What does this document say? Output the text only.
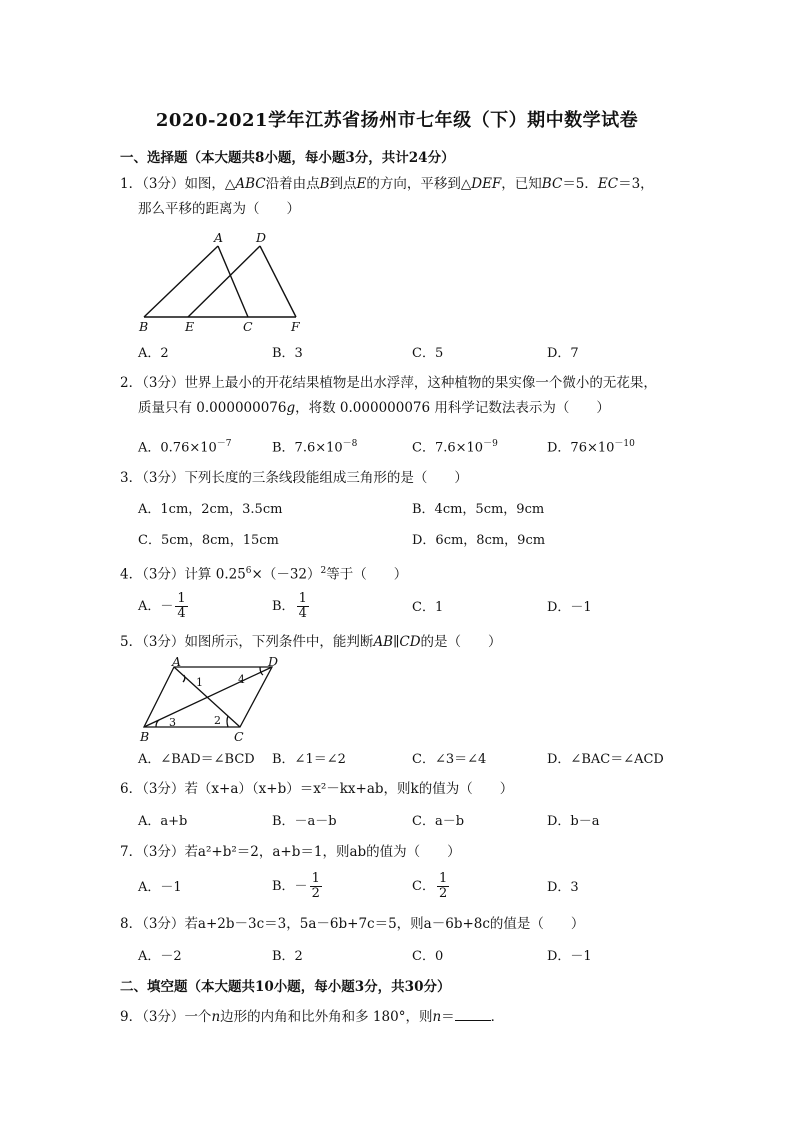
2020-2021学年江苏省扬州市七年级（下）期中数学试卷
一、选择题（本大题共8小题，每小题3分，共计24分）
1．（3分）如图，△ABC沿着由点B到点E的方向，平移到△DEF，已知BC＝5．EC＝3，
那么平移的距离为（　　）
A	D
B	E	C	F
A．2	B．3	C．5	D．7
2．（3分）世界上最小的开花结果植物是出水浮萍，这种植物的果实像一个微小的无花果，
质量只有 0.000000076g，将数 0.000000076 用科学记数法表示为（　　）
A．$0.76\times 10^{-7}$	B．$7.6\times 10^{-8}$	C．$7.6\times 10^{-9}$	D．$76\times 10^{-10}$
3．（3分）下列长度的三条线段能组成三角形的是（　　）
A．1cm，2cm，3.5cm	B．4cm，5cm，9cm
C．5cm，8cm，15cm	D．6cm，8cm，9cm
4．（3分）计算 $0.25^6\times(-32)^2$等于（　　）
A．－ $\frac{1}{4}$	B． $\frac{1}{4}$	C．1	D．－1
5．（3分）如图所示，下列条件中，能判断AB∥CD的是（　　）
A	D
B	C
1	4
2
3
A．∠BAD＝∠BCD B．∠1＝∠2	C．∠3＝∠4	D．∠BAC＝∠ACD
6．（3分）若（x+a）（x+b）＝x²－kx+ab，则k的值为（　　）
A．a+b	B．－a－b	C．a－b	D．b－a
7．（3分）若a²+b²＝2，a+b＝1，则ab的值为（　　）
A．－1	B．－ $\frac{1}{2}$	C． $\frac{1}{2}$	D．3
8．（3分）若a+2b－3c＝3，5a－6b+7c＝5，则a－6b+8c的值是（　　）
A．－2	B．2	C．0	D．－1
二、填空题（本大题共10小题，每小题3分，共30分）
9．（3分）一个n边形的内角和比外角和多 180°，则n＝	．
